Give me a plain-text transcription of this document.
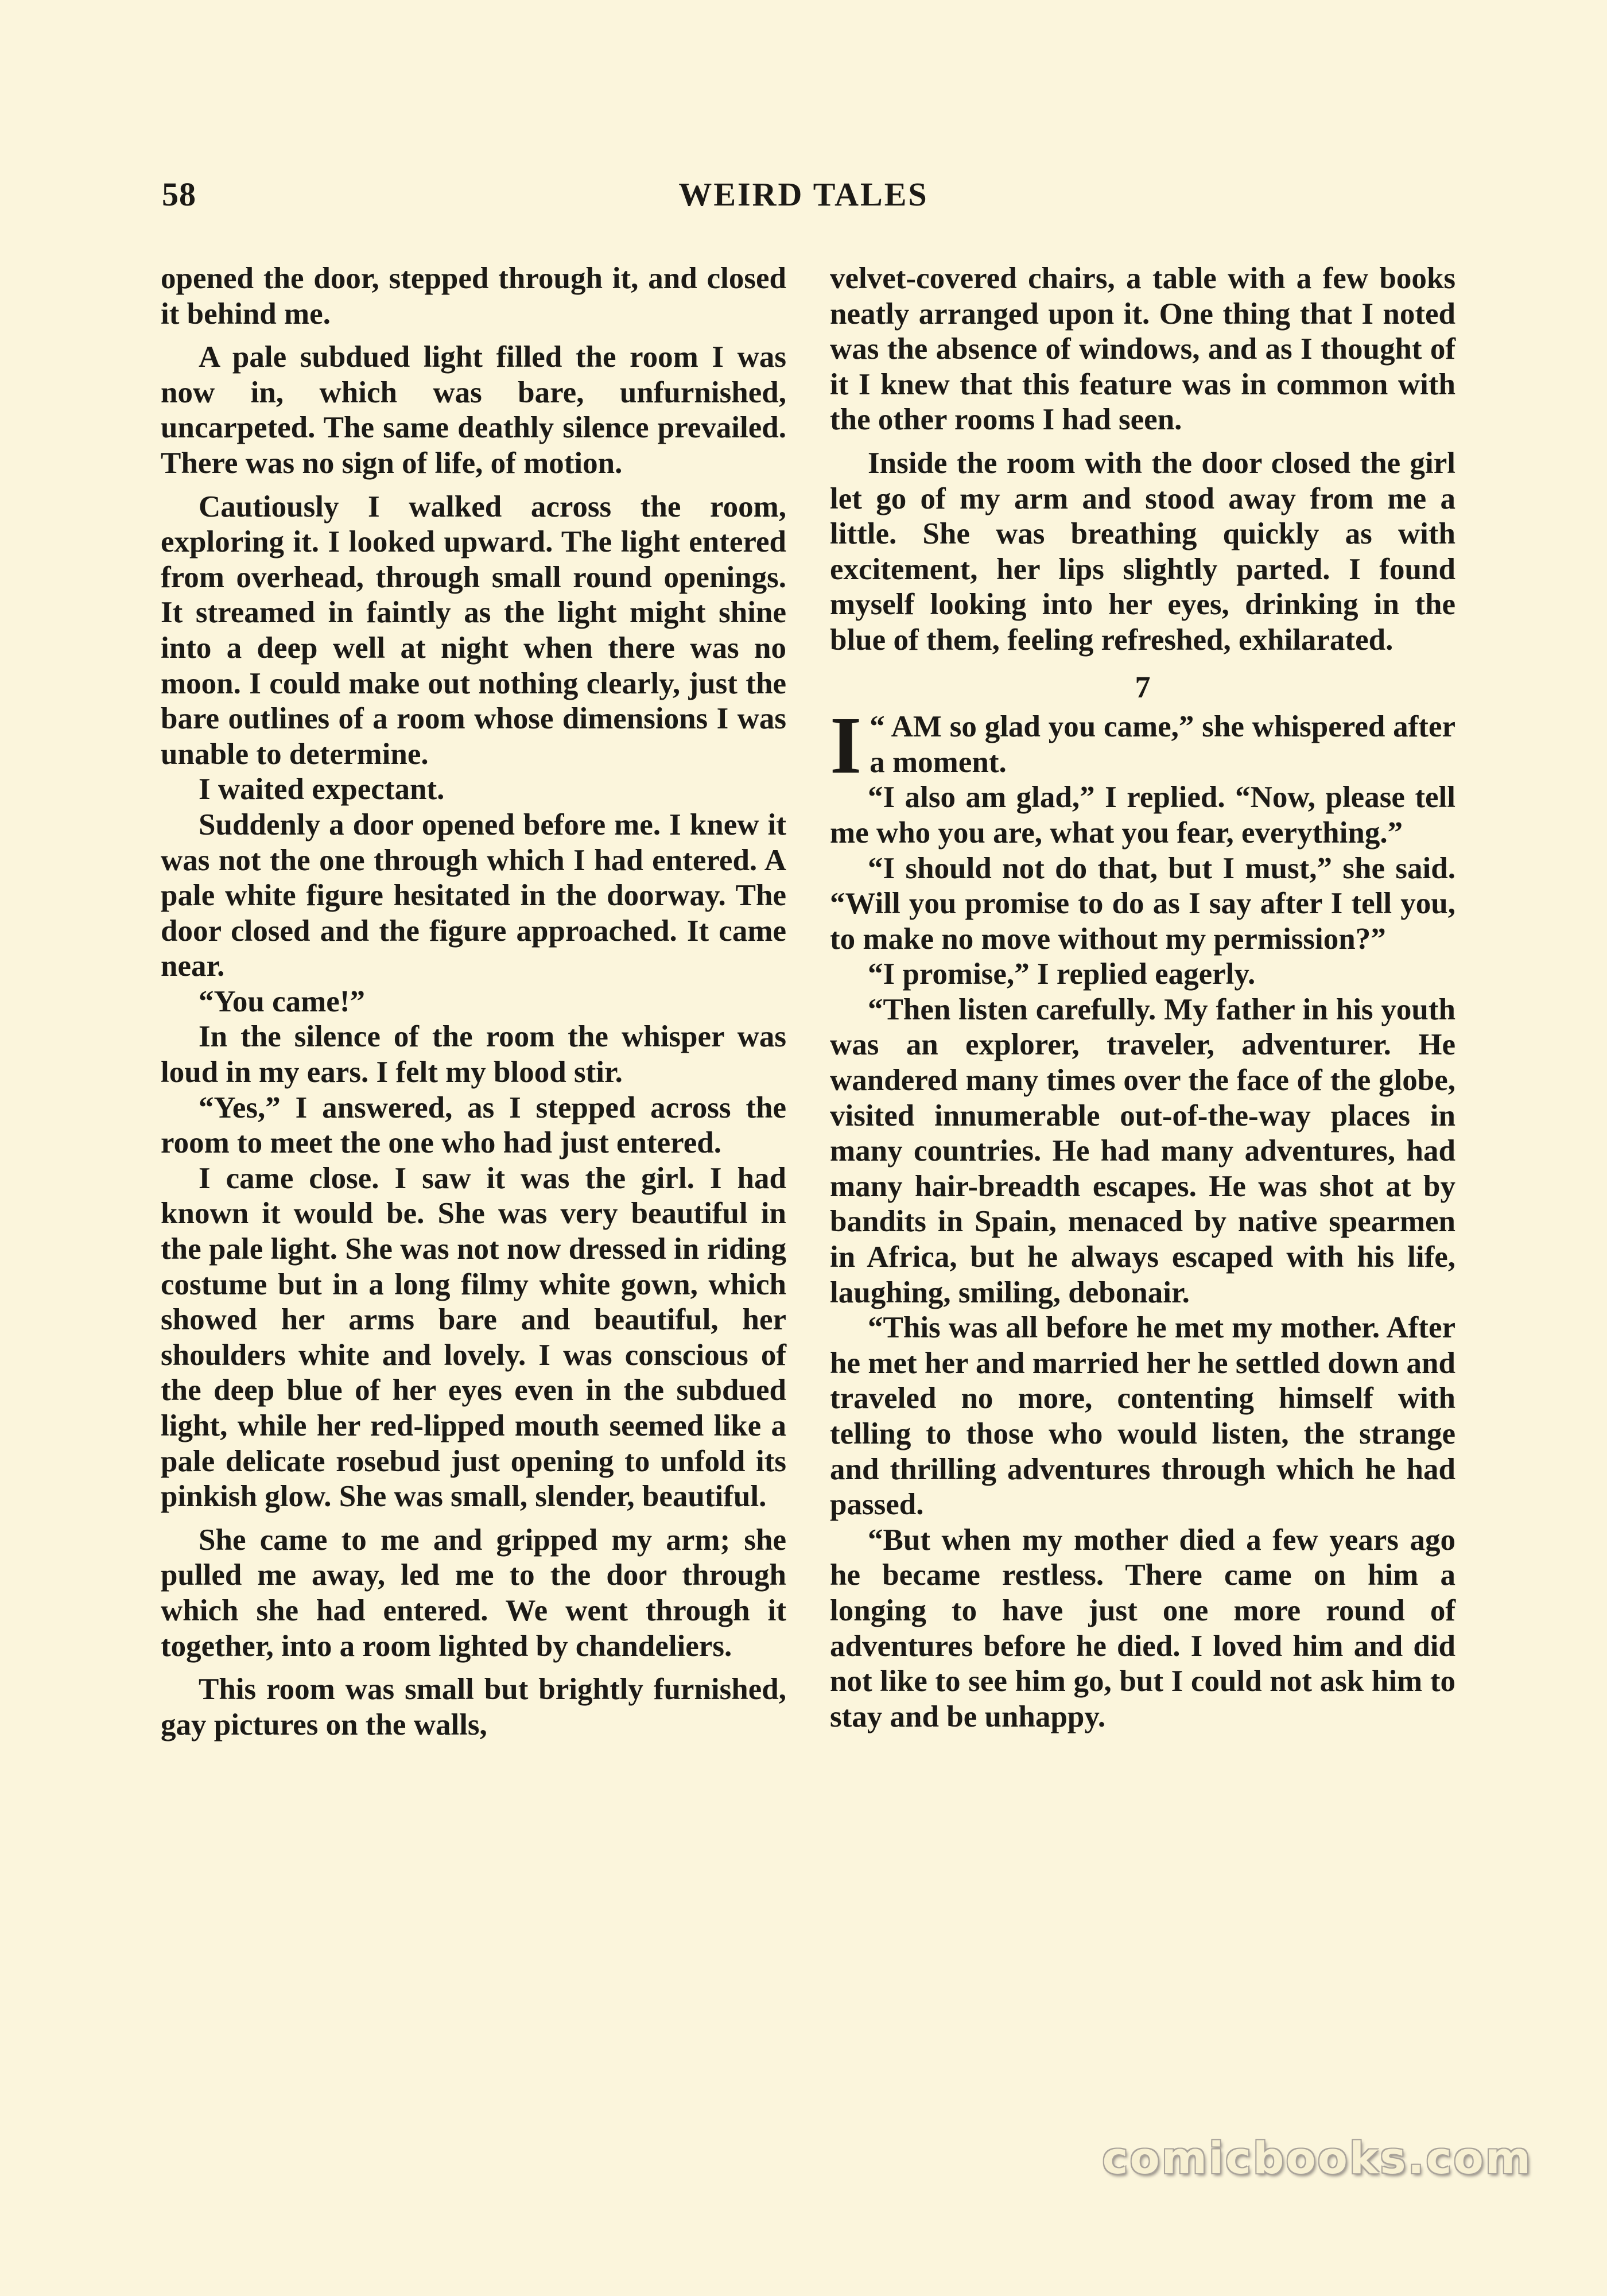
58	WEIRD TALES

opened the door, stepped through it, and closed it behind me.

A pale subdued light filled the room I was now in, which was bare, unfurnished, uncarpeted. The same deathly silence prevailed. There was no sign of life, of motion.

Cautiously I walked across the room, exploring it. I looked upward. The light entered from overhead, through small round openings. It streamed in faintly as the light might shine into a deep well at night when there was no moon. I could make out nothing clearly, just the bare outlines of a room whose dimensions I was unable to determine.

I waited expectant.

Suddenly a door opened before me. I knew it was not the one through which I had entered. A pale white figure hesitated in the doorway. The door closed and the figure approached. It came near.

“You came!”

In the silence of the room the whisper was loud in my ears. I felt my blood stir.

“Yes,” I answered, as I stepped across the room to meet the one who had just entered.

I came close. I saw it was the girl. I had known it would be. She was very beautiful in the pale light. She was not now dressed in riding costume but in a long filmy white gown, which showed her arms bare and beautiful, her shoulders white and lovely. I was conscious of the deep blue of her eyes even in the subdued light, while her red-lipped mouth seemed like a pale delicate rosebud just opening to unfold its pinkish glow. She was small, slender, beautiful.

She came to me and gripped my arm; she pulled me away, led me to the door through which she had entered. We went through it together, into a room lighted by chandeliers.

This room was small but brightly furnished, gay pictures on the walls,

velvet-covered chairs, a table with a few books neatly arranged upon it. One thing that I noted was the absence of windows, and as I thought of it I knew that this feature was in common with the other rooms I had seen.

Inside the room with the door closed the girl let go of my arm and stood away from me a little. She was breathing quickly as with excitement, her lips slightly parted. I found myself looking into her eyes, drinking in the blue of them, feeling refreshed, exhilarated.

7

“
I AM so glad you came,” she whispered after a moment.

“I also am glad,” I replied. “Now, please tell me who you are, what you fear, everything.”

“I should not do that, but I must,” she said. “Will you promise to do as I say after I tell you, to make no move without my permission?”

“I promise,” I replied eagerly.

“Then listen carefully. My father in his youth was an explorer, traveler, adventurer. He wandered many times over the face of the globe, visited innumerable out-of-the-way places in many countries. He had many adventures, had many hair-breadth escapes. He was shot at by bandits in Spain, menaced by native spearmen in Africa, but he always escaped with his life, laughing, smiling, debonair.

“This was all before he met my mother. After he met her and married her he settled down and traveled no more, contenting himself with telling to those who would listen, the strange and thrilling adventures through which he had passed.

“But when my mother died a few years ago he became restless. There came on him a longing to have just one more round of adventures before he died. I loved him and did not like to see him go, but I could not ask him to stay and be unhappy.

comicbooks.com
